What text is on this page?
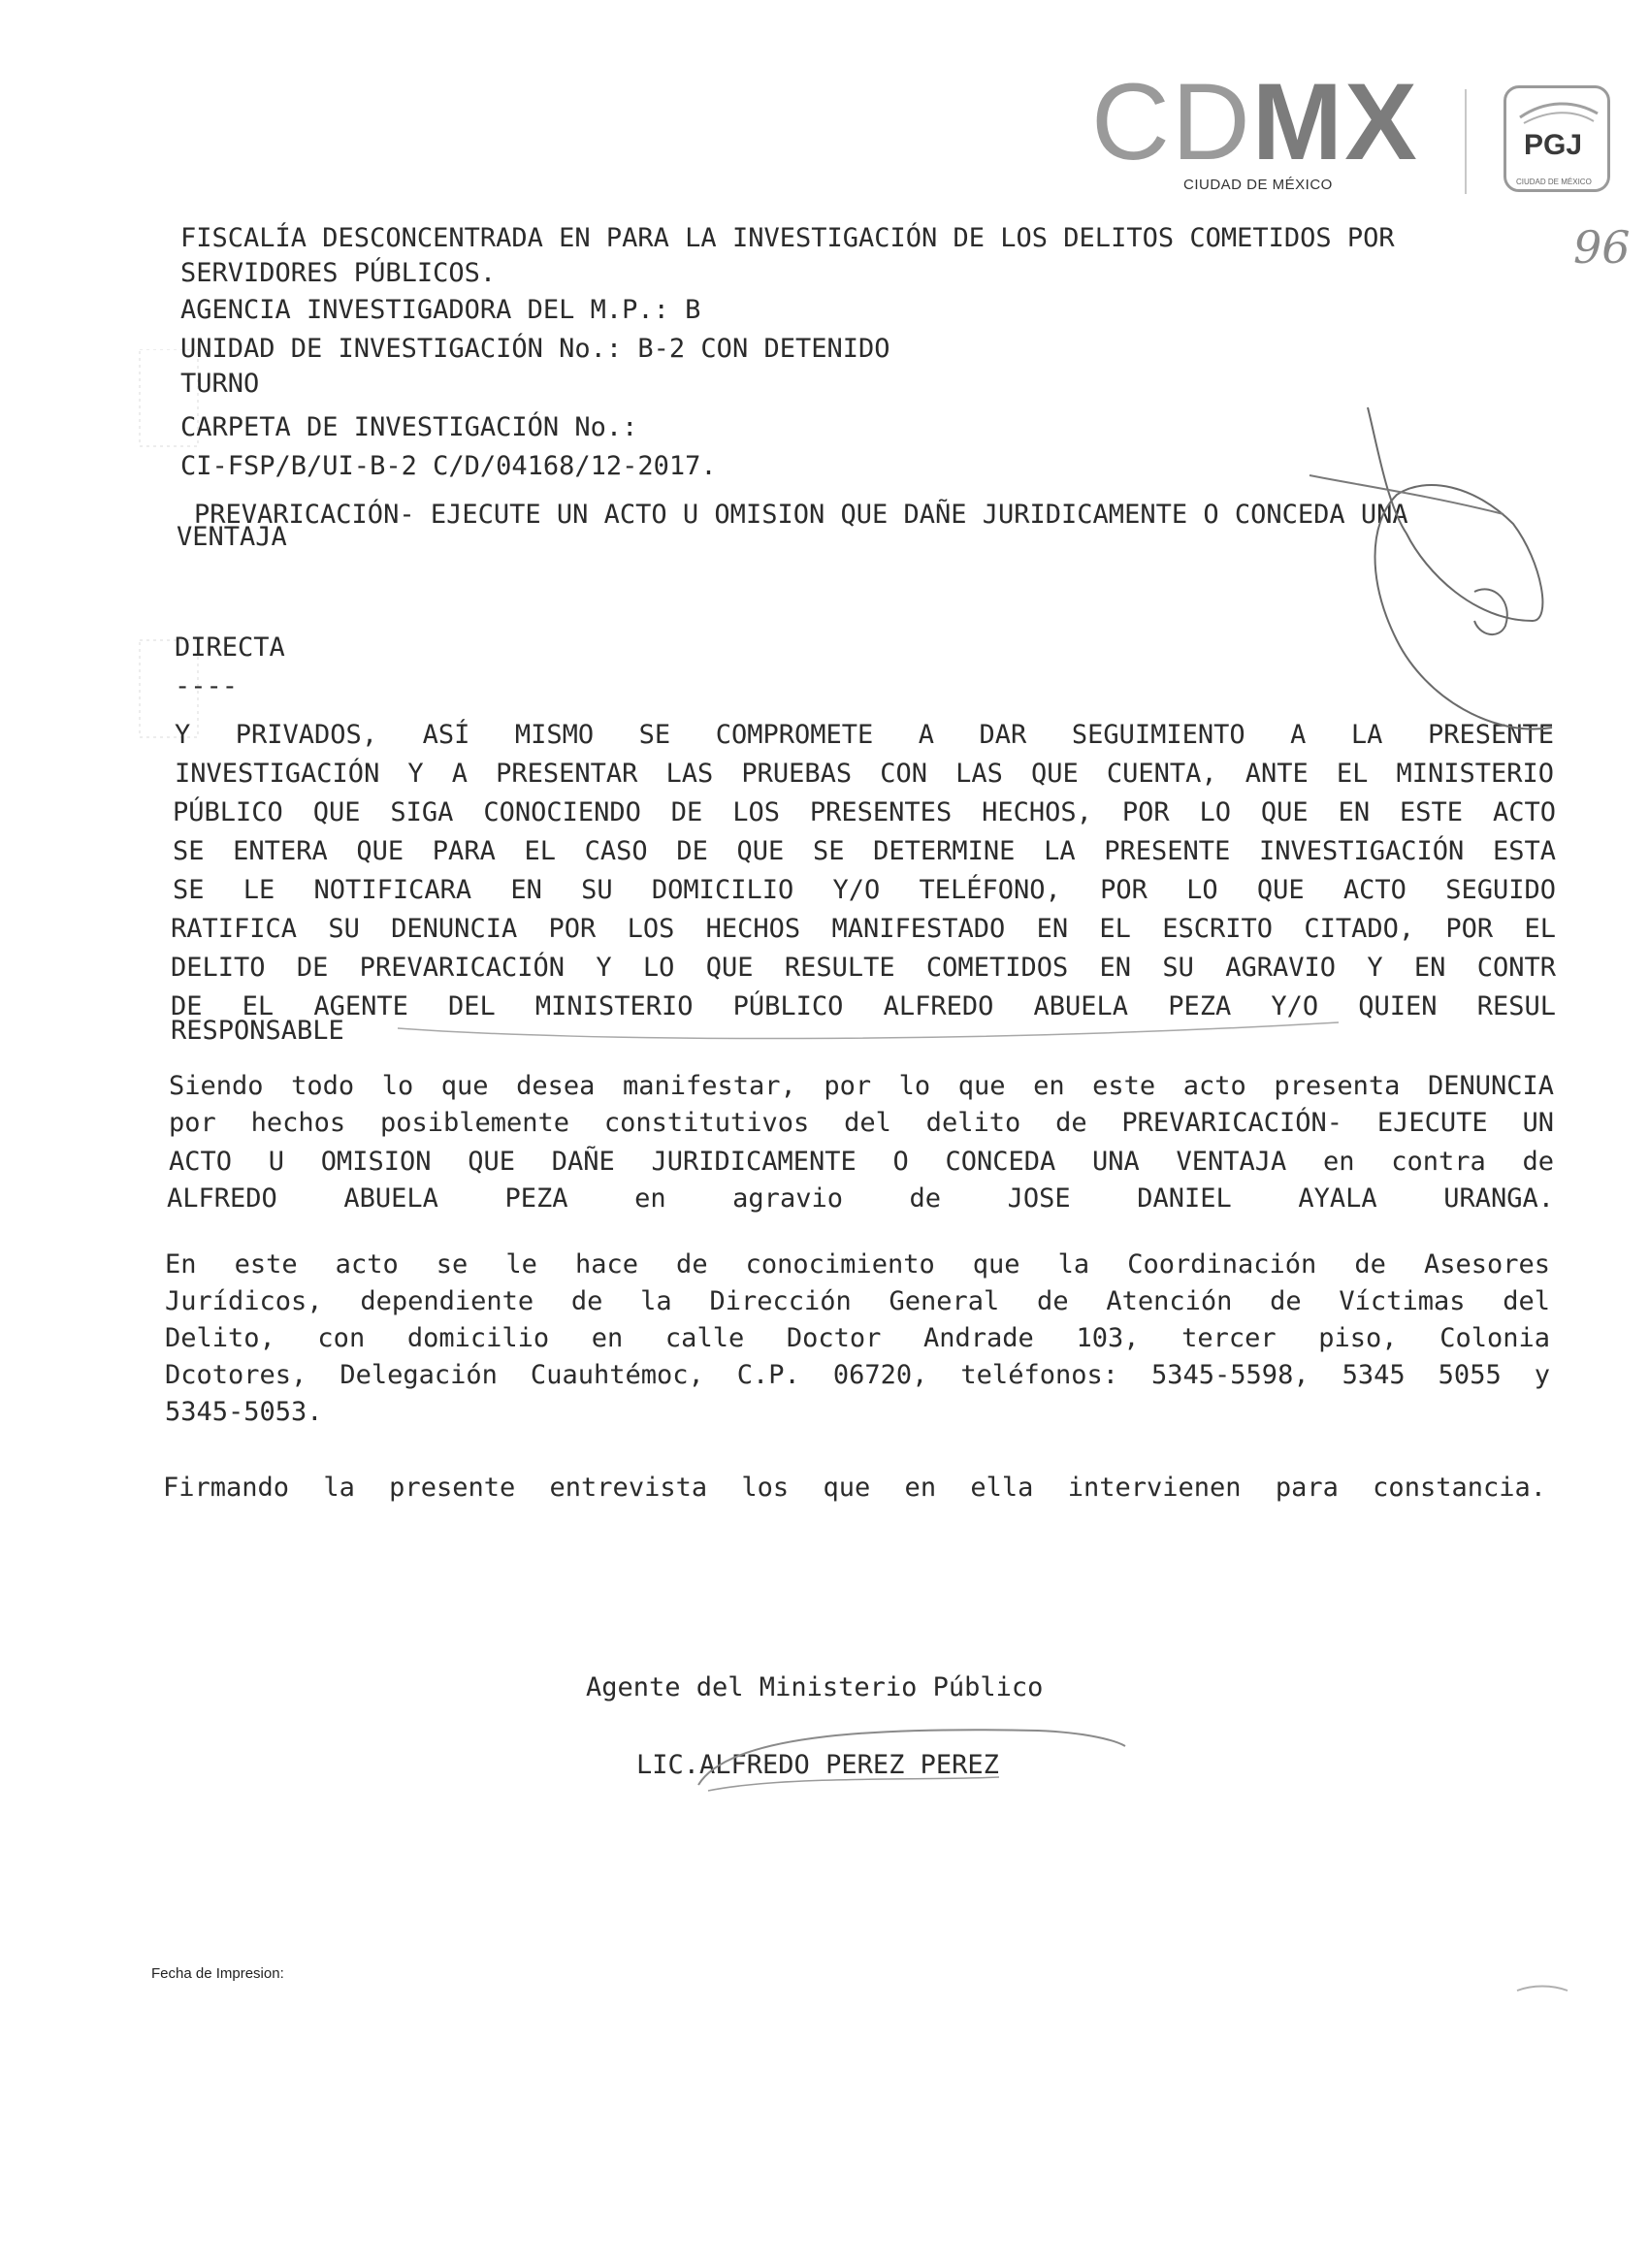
CDMX
CIUDAD DE MÉXICO
PGJ
CIUDAD DE MÉXICO
96
FISCALÍA DESCONCENTRADA EN PARA LA INVESTIGACIÓN DE LOS DELITOS COMETIDOS POR
SERVIDORES PÚBLICOS.
AGENCIA INVESTIGADORA DEL M.P.: B
UNIDAD DE INVESTIGACIÓN No.: B-2 CON DETENIDO
TURNO
CARPETA DE INVESTIGACIÓN No.:
CI-FSP/B/UI-B-2 C/D/04168/12-2017.
PREVARICACIÓN- EJECUTE UN ACTO U OMISION QUE DAÑE JURIDICAMENTE O CONCEDA UNA
VENTAJA
DIRECTA
----
Y PRIVADOS, ASÍ MISMO SE COMPROMETE A DAR SEGUIMIENTO A LA PRESENTE
INVESTIGACIÓN Y A PRESENTAR LAS PRUEBAS CON LAS QUE CUENTA, ANTE EL MINISTERIO
PÚBLICO QUE SIGA CONOCIENDO DE LOS PRESENTES HECHOS, POR LO QUE EN ESTE ACTO
SE ENTERA QUE PARA EL CASO DE QUE SE DETERMINE LA PRESENTE INVESTIGACIÓN ESTA
SE LE NOTIFICARA EN SU DOMICILIO Y/O TELÉFONO, POR LO QUE ACTO SEGUIDO
RATIFICA SU DENUNCIA POR LOS HECHOS MANIFESTADO EN EL ESCRITO CITADO, POR EL
DELITO DE PREVARICACIÓN Y LO QUE RESULTE COMETIDOS EN SU AGRAVIO Y EN CONTR
DE EL AGENTE DEL MINISTERIO PÚBLICO ALFREDO ABUELA PEZA Y/O QUIEN RESUL
RESPONSABLE
Siendo todo lo que desea manifestar, por lo que en este acto presenta DENUNCIA
por hechos posiblemente constitutivos del delito de PREVARICACIÓN- EJECUTE UN
ACTO U OMISION QUE DAÑE JURIDICAMENTE O CONCEDA UNA VENTAJA en contra de
ALFREDO ABUELA PEZA en agravio de JOSE DANIEL AYALA URANGA.
En este acto se le hace de conocimiento que la Coordinación de Asesores
Jurídicos, dependiente de la Dirección General de Atención de Víctimas del
Delito, con domicilio en calle Doctor Andrade 103, tercer piso, Colonia
Dcotores, Delegación Cuauhtémoc, C.P. 06720, teléfonos: 5345-5598, 5345 5055 y
5345-5053.
Firmando la presente entrevista los que en ella intervienen para constancia.
Agente del Ministerio Público
LIC.ALFREDO PEREZ PEREZ
Fecha de Impresion:
